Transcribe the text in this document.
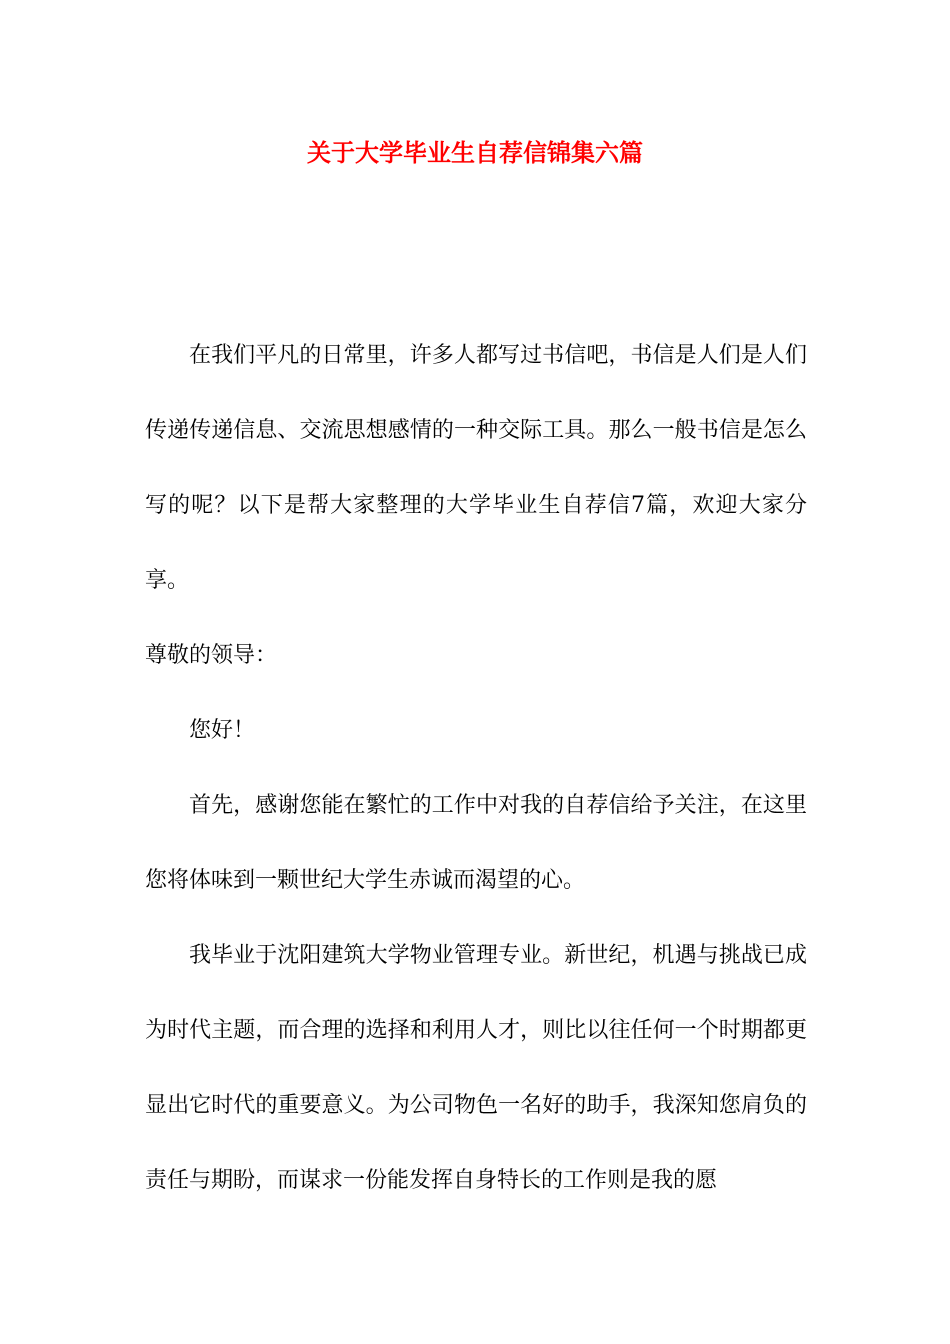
关于大学毕业生自荐信锦集六篇

在我们平凡的日常里，许多人都写过书信吧，书信是人们是人们传递传递信息、交流思想感情的一种交际工具。那么一般书信是怎么写的呢？以下是帮大家整理的大学毕业生自荐信7篇，欢迎大家分享。

尊敬的领导：

您好！

首先，感谢您能在繁忙的工作中对我的自荐信给予关注，在这里您将体味到一颗世纪大学生赤诚而渴望的心。

我毕业于沈阳建筑大学物业管理专业。新世纪，机遇与挑战已成为时代主题，而合理的选择和利用人才，则比以往任何一个时期都更显出它时代的重要意义。为公司物色一名好的助手，我深知您肩负的责任与期盼，而谋求一份能发挥自身特长的工作则是我的愿
